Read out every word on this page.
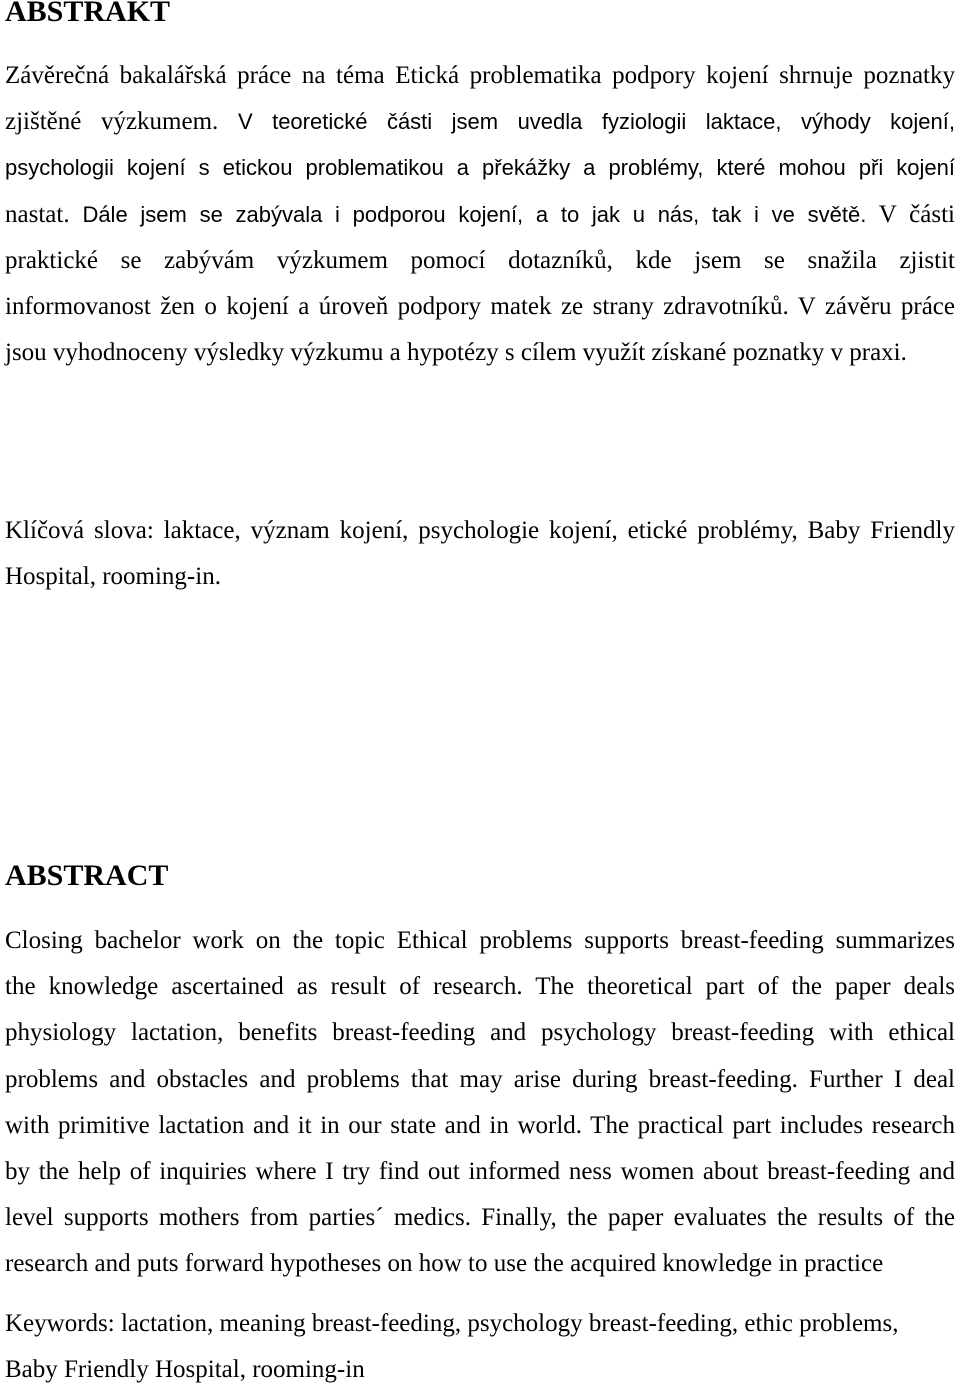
ABSTRAKT
Závěrečná bakalářská práce na téma Etická problematika podpory kojení shrnuje poznatky
zjištěné výzkumem. V teoretické části jsem uvedla fyziologii laktace, výhody kojení,
psychologii kojení s etickou problematikou a překážky a problémy, které mohou při kojení
nastat. Dále jsem se zabývala i podporou kojení, a to jak u nás, tak i ve světě. V části
praktické se zabývám výzkumem pomocí dotazníků, kde jsem se snažila zjistit
informovanost žen o kojení a úroveň podpory matek ze strany zdravotníků. V závěru práce
jsou vyhodnoceny výsledky výzkumu a hypotézy s cílem využít získané poznatky v praxi.
Klíčová slova: laktace, význam kojení, psychologie kojení, etické problémy, Baby Friendly
Hospital, rooming-in.
ABSTRACT
Closing bachelor work on the topic Ethical problems supports breast-feeding summarizes
the knowledge ascertained as result of research. The theoretical part of the paper deals
physiology lactation, benefits breast-feeding and psychology breast-feeding with ethical
problems and obstacles and problems that may arise during breast-feeding. Further I deal
with primitive lactation and it in our state and in world. The practical part includes research
by the help of inquiries where I try find out informed ness women about breast-feeding and
level supports mothers from parties´ medics. Finally, the paper evaluates the results of the
research and puts forward hypotheses on how to use the acquired knowledge in practice
Keywords: lactation, meaning breast-feeding, psychology breast-feeding, ethic problems,
Baby Friendly Hospital, rooming-in
